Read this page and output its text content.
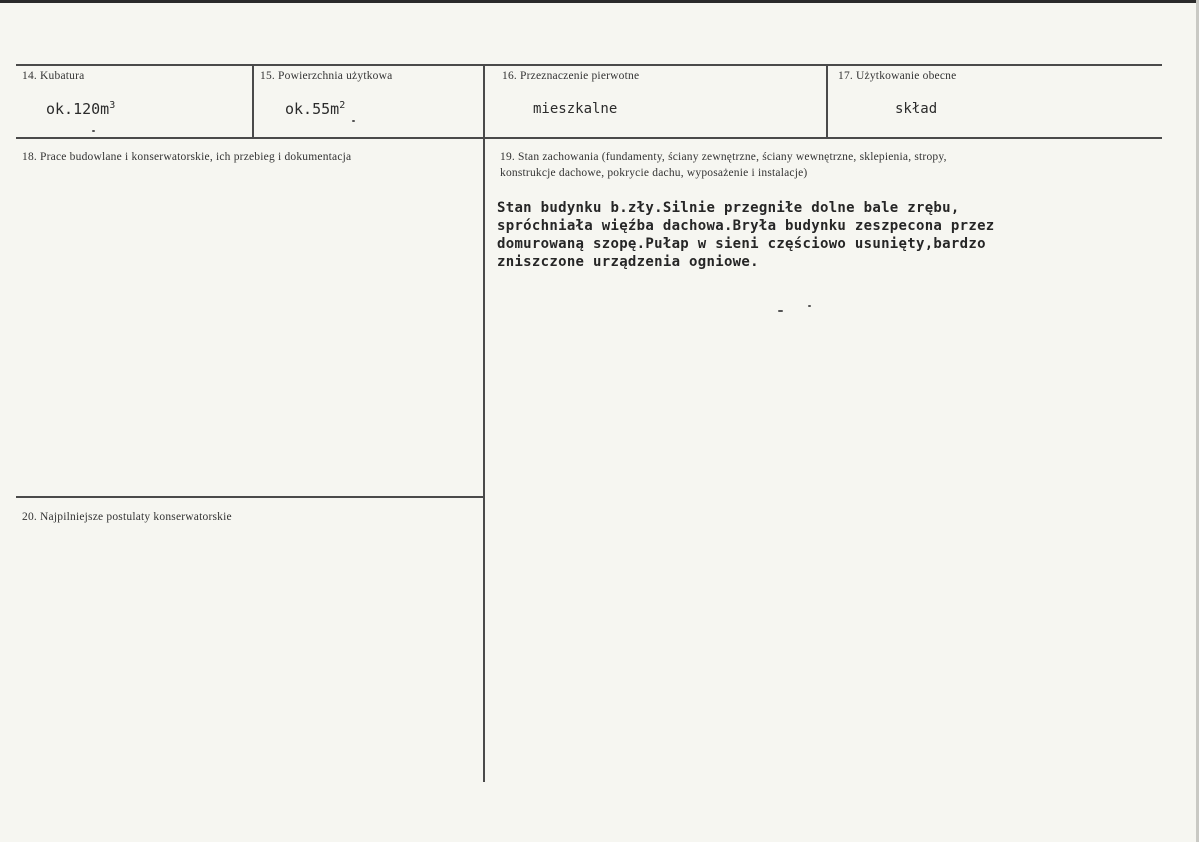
14. Kubatura
$ok.120m^3$
15. Powierzchnia użytkowa
$ok.55m^2$
16. Przeznaczenie pierwotne
mieszkalne
17. Użytkowanie obecne
skład
18. Prace budowlane i konserwatorskie, ich przebieg i dokumentacja	19. Stan zachowania (fundamenty, ściany zewnętrzne, ściany wewnętrzne, sklepienia, stropy,
konstrukcje dachowe, pokrycie dachu, wyposażenie i instalacje)
Stan budynku b.zły.Silnie przegniłe dolne bale zrębu,
spróchniała więźba dachowa.Bryła budynku zeszpecona przez
domurowaną szopę.Pułap w sieni częściowo usunięty,bardzo
zniszczone urządzenia ogniowe.
20. Najpilniejsze postulaty konserwatorskie
